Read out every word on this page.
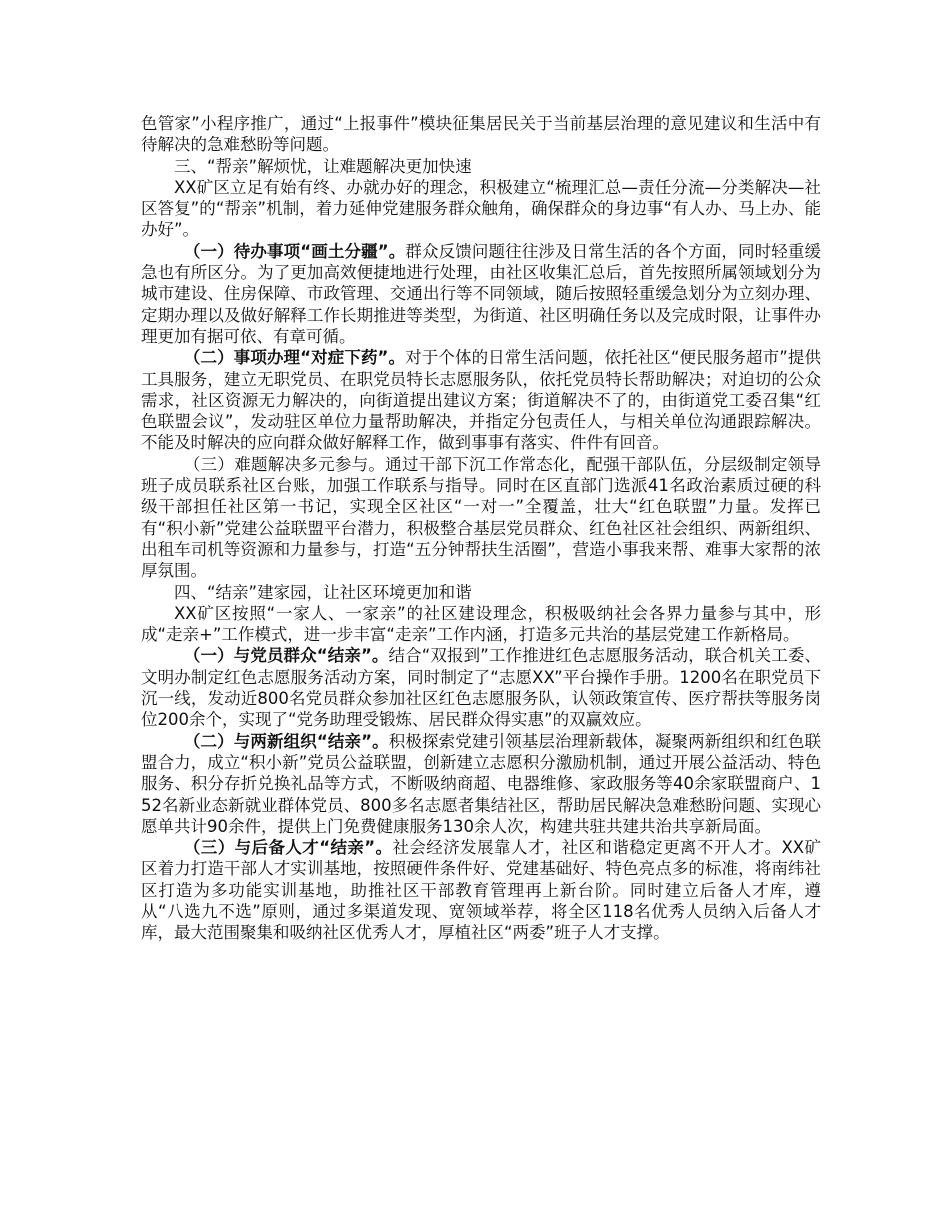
色管家”小程序推广，通过“上报事件”模块征集居民关于当前基层治理的意见建议和生活中有待解决的急难愁盼等问题。

三、“帮亲”解烦忧，让难题解决更加快速

XX矿区立足有始有终、办就办好的理念，积极建立“梳理汇总—责任分流—分类解决—社区答复”的“帮亲”机制，着力延伸党建服务群众触角，确保群众的身边事“有人办、马上办、能办好”。

（一）待办事项“画土分疆”。群众反馈问题往往涉及日常生活的各个方面，同时轻重缓急也有所区分。为了更加高效便捷地进行处理，由社区收集汇总后，首先按照所属领域划分为城市建设、住房保障、市政管理、交通出行等不同领域，随后按照轻重缓急划分为立刻办理、定期办理以及做好解释工作长期推进等类型，为街道、社区明确任务以及完成时限，让事件办理更加有据可依、有章可循。

（二）事项办理“对症下药”。对于个体的日常生活问题，依托社区“便民服务超市”提供工具服务，建立无职党员、在职党员特长志愿服务队，依托党员特长帮助解决；对迫切的公众需求，社区资源无力解决的，向街道提出建议方案；街道解决不了的，由街道党工委召集“红色联盟会议”，发动驻区单位力量帮助解决，并指定分包责任人，与相关单位沟通跟踪解决。不能及时解决的应向群众做好解释工作，做到事事有落实、件件有回音。

（三）难题解决多元参与。通过干部下沉工作常态化，配强干部队伍，分层级制定领导班子成员联系社区台账，加强工作联系与指导。同时在区直部门选派41名政治素质过硬的科级干部担任社区第一书记，实现全区社区“一对一”全覆盖，壮大“红色联盟”力量。发挥已有“积小新”党建公益联盟平台潜力，积极整合基层党员群众、红色社区社会组织、两新组织、出租车司机等资源和力量参与，打造“五分钟帮扶生活圈”，营造小事我来帮、难事大家帮的浓厚氛围。

四、“结亲”建家园，让社区环境更加和谐

XX矿区按照“一家人、一家亲”的社区建设理念，积极吸纳社会各界力量参与其中，形成“走亲+”工作模式，进一步丰富“走亲”工作内涵，打造多元共治的基层党建工作新格局。

（一）与党员群众“结亲”。结合“双报到”工作推进红色志愿服务活动，联合机关工委、文明办制定红色志愿服务活动方案，同时制定了“志愿XX”平台操作手册。1200名在职党员下沉一线，发动近800名党员群众参加社区红色志愿服务队，认领政策宣传、医疗帮扶等服务岗位200余个，实现了“党务助理受锻炼、居民群众得实惠”的双赢效应。

（二）与两新组织“结亲”。积极探索党建引领基层治理新载体，凝聚两新组织和红色联盟合力，成立“积小新”党员公益联盟，创新建立志愿积分激励机制，通过开展公益活动、特色服务、积分存折兑换礼品等方式，不断吸纳商超、电器维修、家政服务等40余家联盟商户、152名新业态新就业群体党员、800多名志愿者集结社区，帮助居民解决急难愁盼问题、实现心愿单共计90余件，提供上门免费健康服务130余人次，构建共驻共建共治共享新局面。

（三）与后备人才“结亲”。社会经济发展靠人才，社区和谐稳定更离不开人才。XX矿区着力打造干部人才实训基地，按照硬件条件好、党建基础好、特色亮点多的标准，将南纬社区打造为多功能实训基地，助推社区干部教育管理再上新台阶。同时建立后备人才库，遵从“八选九不选”原则，通过多渠道发现、宽领域举荐，将全区118名优秀人员纳入后备人才库，最大范围聚集和吸纳社区优秀人才，厚植社区“两委”班子人才支撑。
